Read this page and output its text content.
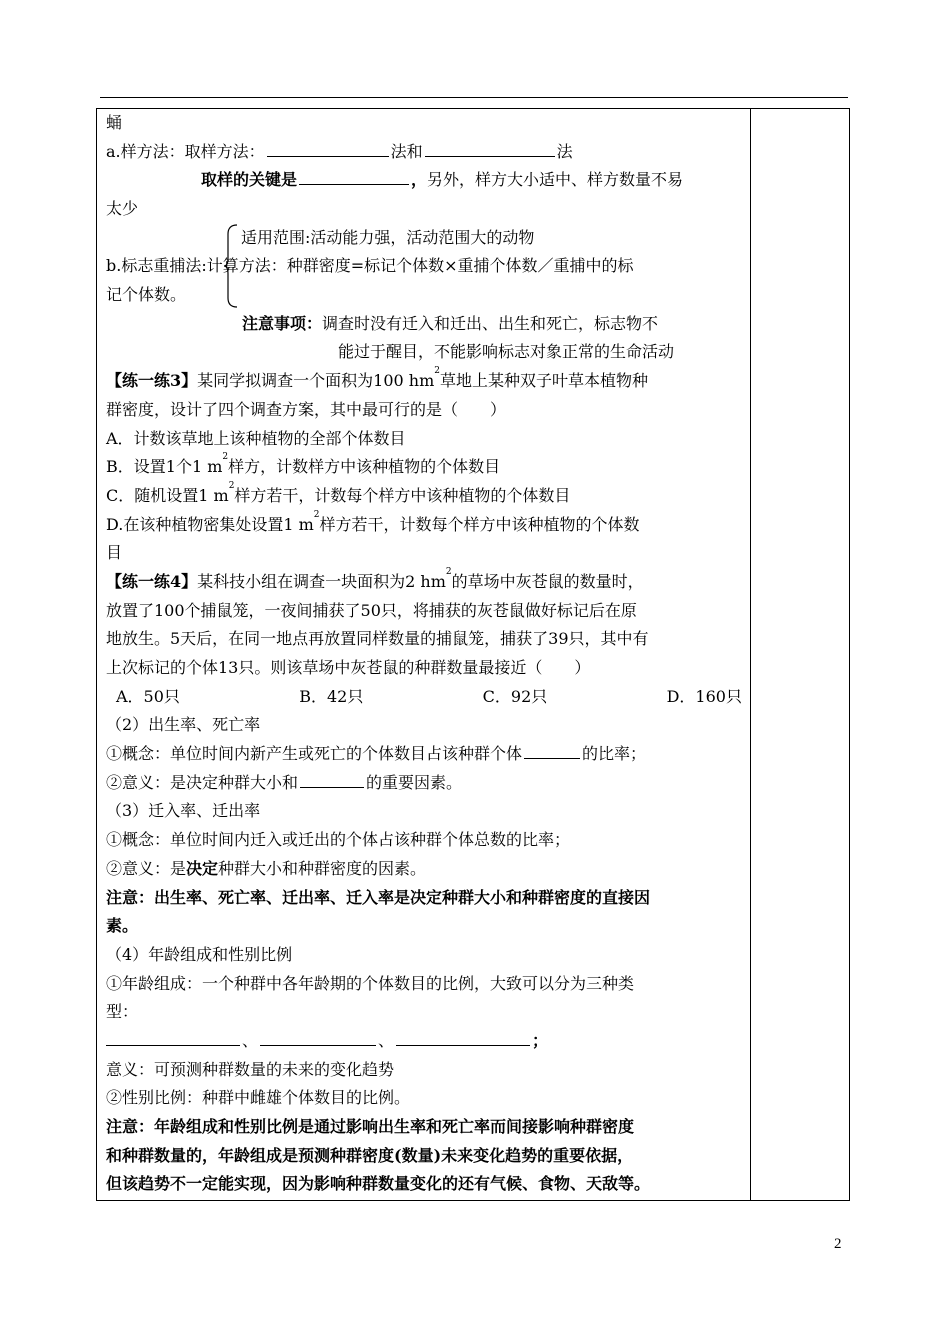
蛹
a.样方法：取样方法：	法和	法
取样的关键是	，另外，样方大小适中、样方数量不易
太少
适用范围:活动能力强，活动范围大的动物
b.标志重捕法:计算方法：种群密度=标记个体数×重捕个体数／重捕中的标
记个体数。
注意事项：调查时没有迁入和迁出、出生和死亡，标志物不
能过于醒目，不能影响标志对象正常的生命活动
【练一练3】某同学拟调查一个面积为100 $hm^2$草地上某种双子叶草本植物种
群密度，设计了四个调查方案，其中最可行的是（　　）
A．计数该草地上该种植物的全部个体数目
B．设置1个1 $m^2$样方，计数样方中该种植物的个体数目
C．随机设置1 $m^2$样方若干，计数每个样方中该种植物的个体数目
D.在该种植物密集处设置1 $m^2$样方若干，计数每个样方中该种植物的个体数
目
【练一练4】某科技小组在调查一块面积为2 $hm^2$的草场中灰苍鼠的数量时，
放置了100个捕鼠笼，一夜间捕获了50只，将捕获的灰苍鼠做好标记后在原
地放生。5天后，在同一地点再放置同样数量的捕鼠笼，捕获了39只，其中有
上次标记的个体13只。则该草场中灰苍鼠的种群数量最接近（　　）
A．50只	B．42只	C．92只	D．160只
（2）出生率、死亡率
①概念：单位时间内新产生或死亡的个体数目占该种群个体	的比率；
②意义：是决定种群大小和	的重要因素。
（3）迁入率、迁出率
①概念：单位时间内迁入或迁出的个体占该种群个体总数的比率；
②意义：是决定种群大小和种群密度的因素。
注意：出生率、死亡率、迁出率、迁入率是决定种群大小和种群密度的直接因
素。
（4）年龄组成和性别比例
①年龄组成：一个种群中各年龄期的个体数目的比例，大致可以分为三种类
型：
、	、	；
意义：可预测种群数量的未来的变化趋势
②性别比例：种群中雌雄个体数目的比例。
注意：年龄组成和性别比例是通过影响出生率和死亡率而间接影响种群密度
和种群数量的，年龄组成是预测种群密度(数量)未来变化趋势的重要依据，
但该趋势不一定能实现，因为影响种群数量变化的还有气候、食物、天敌等。
2
